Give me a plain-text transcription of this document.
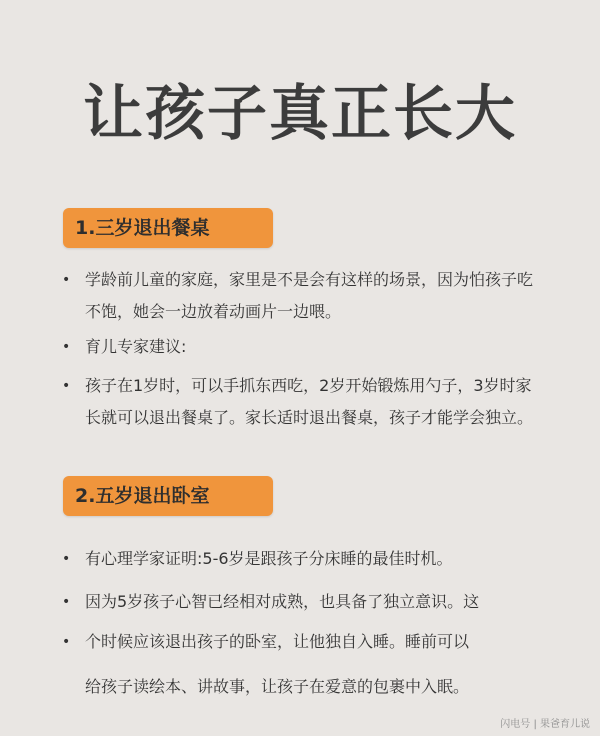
让孩子真正长大
1.三岁退出餐桌
• 学龄前儿童的家庭，家里是不是会有这样的场景，因为怕孩子吃不饱，她会一边放着动画片一边喂。
• 育儿专家建议:
• 孩子在1岁时，可以手抓东西吃，2岁开始锻炼用勺子，3岁时家长就可以退出餐桌了。家长适时退出餐桌，孩子才能学会独立。
2.五岁退出卧室
• 有心理学家证明:5-6岁是跟孩子分床睡的最佳时机。
• 因为5岁孩子心智已经相对成熟，也具备了独立意识。这
• 个时候应该退出孩子的卧室，让他独自入睡。睡前可以
给孩子读绘本、讲故事，让孩子在爱意的包裹中入眠。
闪电号 | 果爸育儿说
